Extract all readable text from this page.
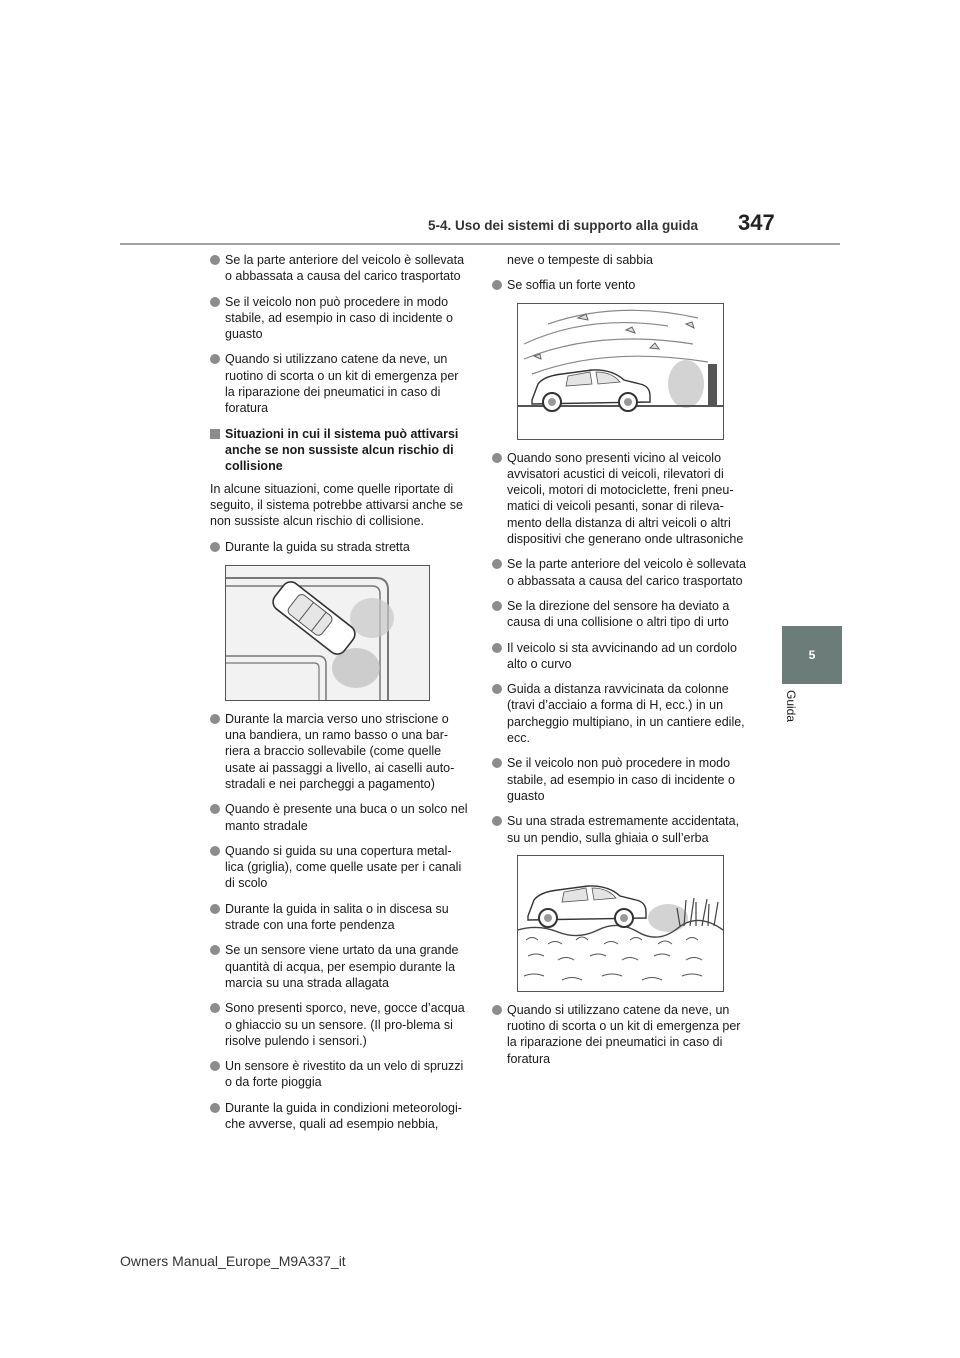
5-4. Uso dei sistemi di supporto alla guida 347
5
Guida
Se la parte anteriore del veicolo è sollevata o abbassata a causa del carico trasportato
Se il veicolo non può procedere in modo stabile, ad esempio in caso di incidente o guasto
Quando si utilizzano catene da neve, un ruotino di scorta o un kit di emergenza per la riparazione dei pneumatici in caso di foratura
Situazioni in cui il sistema può attivarsi anche se non sussiste alcun rischio di collisione
In alcune situazioni, come quelle riportate di seguito, il sistema potrebbe attivarsi anche se non sussiste alcun rischio di collisione.
Durante la guida su strada stretta
Durante la marcia verso uno striscione o una bandiera, un ramo basso o una bar-riera a braccio sollevabile (come quelle usate ai passaggi a livello, ai caselli auto-stradali e nei parcheggi a pagamento)
Quando è presente una buca o un solco nel manto stradale
Quando si guida su una copertura metal-lica (griglia), come quelle usate per i canali di scolo
Durante la guida in salita o in discesa su strade con una forte pendenza
Se un sensore viene urtato da una grande quantità di acqua, per esempio durante la marcia su una strada allagata
Sono presenti sporco, neve, gocce d’acqua o ghiaccio su un sensore. (Il pro-blema si risolve pulendo i sensori.)
Un sensore è rivestito da un velo di spruzzi o da forte pioggia
Durante la guida in condizioni meteorologi-che avverse, quali ad esempio nebbia,
neve o tempeste di sabbia
Se soffia un forte vento
Quando sono presenti vicino al veicolo avvisatori acustici di veicoli, rilevatori di veicoli, motori di motociclette, freni pneu-matici di veicoli pesanti, sonar di rileva-mento della distanza di altri veicoli o altri dispositivi che generano onde ultrasoniche
Se la parte anteriore del veicolo è sollevata o abbassata a causa del carico trasportato
Se la direzione del sensore ha deviato a causa di una collisione o altri tipo di urto
Il veicolo si sta avvicinando ad un cordolo alto o curvo
Guida a distanza ravvicinata da colonne (travi d’acciaio a forma di H, ecc.) in un parcheggio multipiano, in un cantiere edile, ecc.
Se il veicolo non può procedere in modo stabile, ad esempio in caso di incidente o guasto
Su una strada estremamente accidentata, su un pendio, sulla ghiaia o sull’erba
Quando si utilizzano catene da neve, un ruotino di scorta o un kit di emergenza per la riparazione dei pneumatici in caso di foratura
Owners Manual_Europe_M9A337_it
